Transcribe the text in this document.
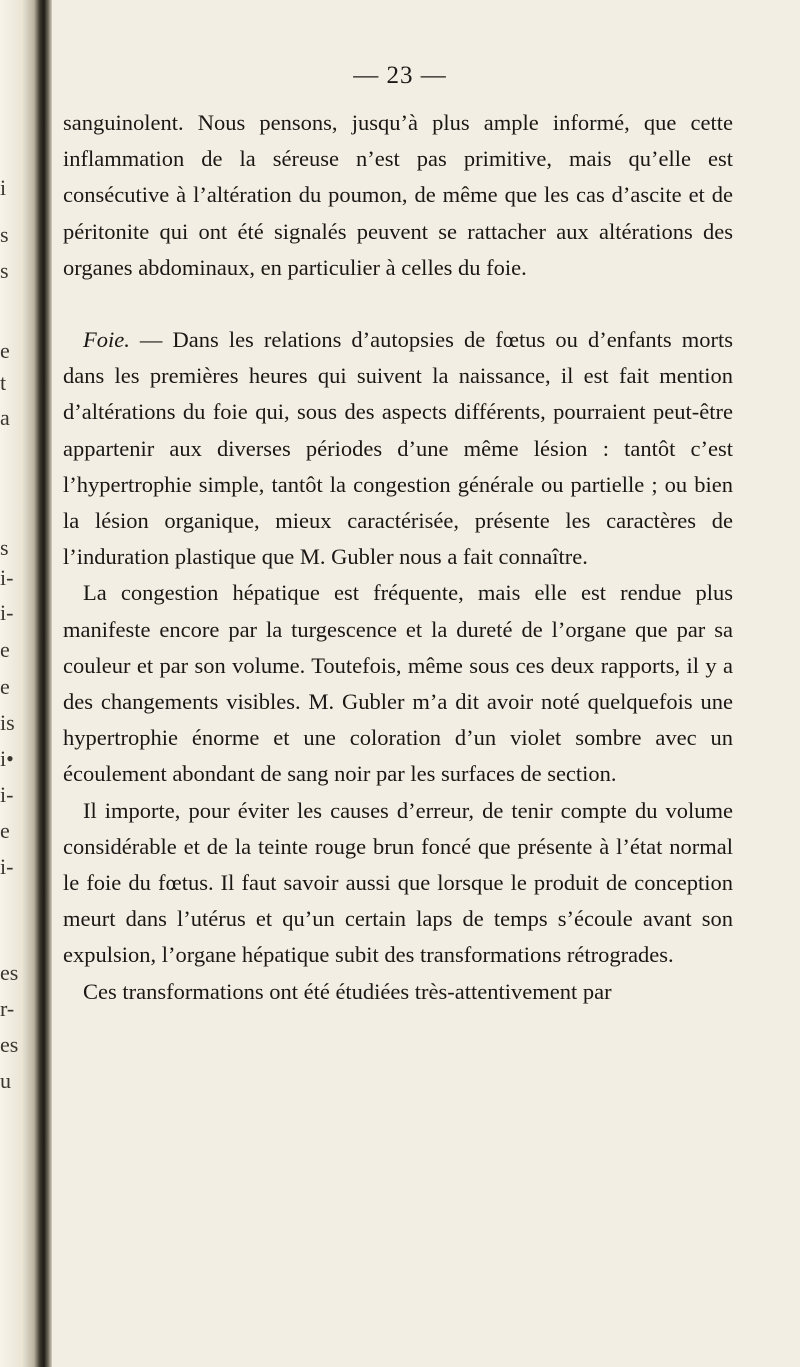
i
s
s
e
t
a
s
i-
i-
e
e
is
i•
i-
e
i-
es
r-
es
u
— 23 —

sanguinolent. Nous pensons, jusqu’à plus ample informé, que cette inflammation de la séreuse n’est pas primitive, mais qu’elle est consécutive à l’altération du poumon, de même que les cas d’ascite et de péritonite qui ont été signalés peuvent se rattacher aux altérations des organes abdominaux, en particulier à celles du foie.

Foie. — Dans les relations d’autopsies de fœtus ou d’enfants morts dans les premières heures qui suivent la naissance, il est fait mention d’altérations du foie qui, sous des aspects différents, pourraient peut-être appartenir aux diverses périodes d’une même lésion : tantôt c’est l’hypertrophie simple, tantôt la congestion générale ou partielle ; ou bien la lésion organique, mieux caractérisée, présente les caractères de l’induration plastique que M. Gubler nous a fait connaître.

La congestion hépatique est fréquente, mais elle est rendue plus manifeste encore par la turgescence et la dureté de l’organe que par sa couleur et par son volume. Toutefois, même sous ces deux rapports, il y a des changements visibles. M. Gubler m’a dit avoir noté quelquefois une hypertrophie énorme et une coloration d’un violet sombre avec un écoulement abondant de sang noir par les surfaces de section.

Il importe, pour éviter les causes d’erreur, de tenir compte du volume considérable et de la teinte rouge brun foncé que présente à l’état normal le foie du fœtus. Il faut savoir aussi que lorsque le produit de conception meurt dans l’utérus et qu’un certain laps de temps s’écoule avant son expulsion, l’organe hépatique subit des transformations rétrogrades.

Ces transformations ont été étudiées très-attentivement par
